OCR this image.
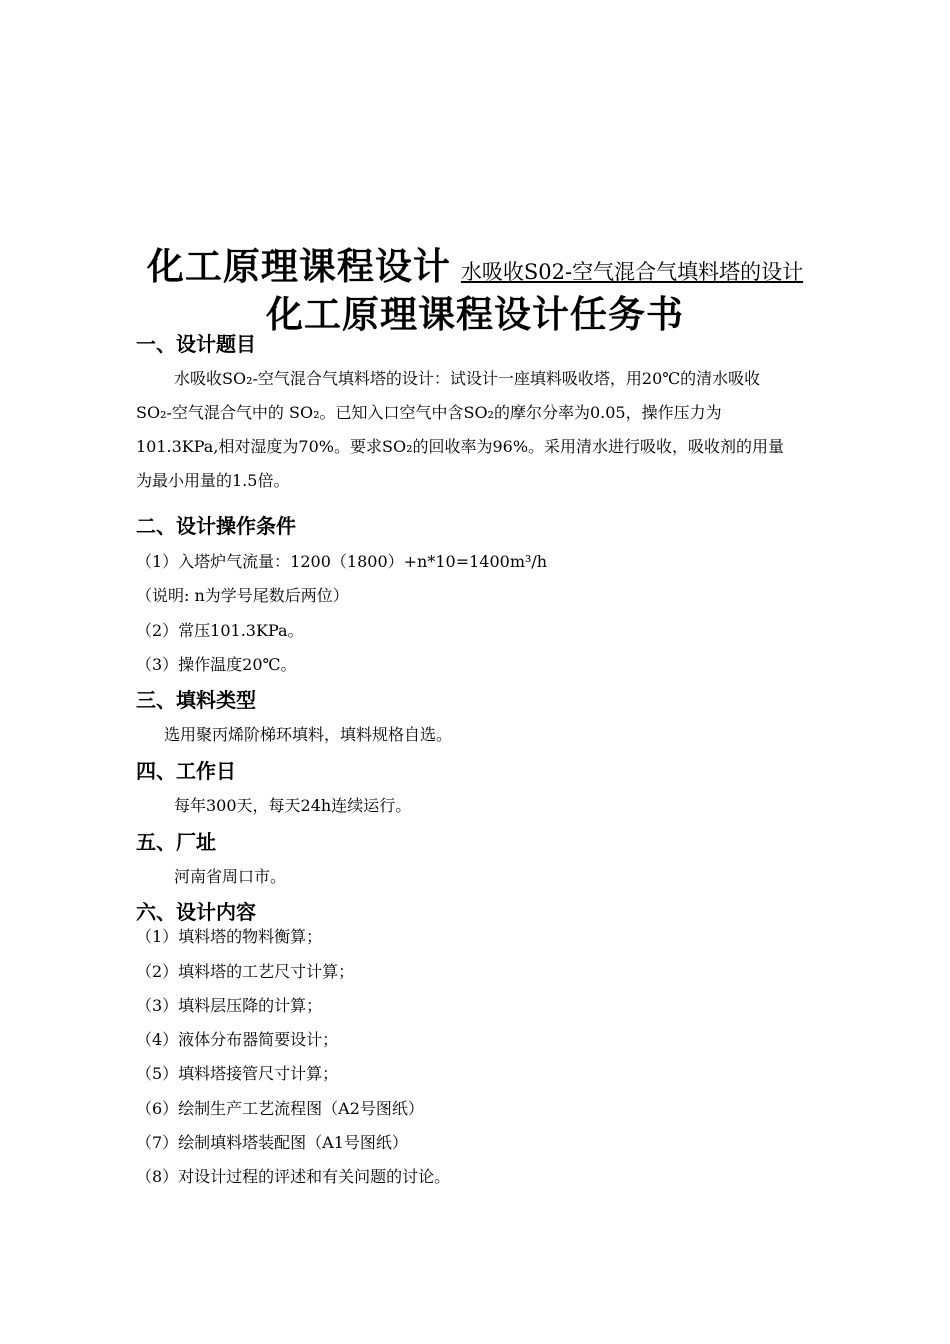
化工原理课程设计 水吸收S02-空气混合气填料塔的设计
化工原理课程设计任务书
一、设计题目
水吸收SO₂-空气混合气填料塔的设计：试设计一座填料吸收塔，用20℃的清水吸收
SO₂-空气混合气中的 SO₂。已知入口空气中含SO₂的摩尔分率为0.05，操作压力为
101.3KPa,相对湿度为70%。要求SO₂的回收率为96%。采用清水进行吸收，吸收剂的用量
为最小用量的1.5倍。
二、设计操作条件
（1）入塔炉气流量：1200（1800）+n*10=1400m³/h
（说明: n为学号尾数后两位）
（2）常压101.3KPa。
（3）操作温度20℃。
三、填料类型
选用聚丙烯阶梯环填料，填料规格自选。
四、工作日
每年300天，每天24h连续运行。
五、厂址
河南省周口市。
六、设计内容
（1）填料塔的物料衡算；
（2）填料塔的工艺尺寸计算；
（3）填料层压降的计算；
（4）液体分布器简要设计；
（5）填料塔接管尺寸计算；
（6）绘制生产工艺流程图（A2号图纸）
（7）绘制填料塔装配图（A1号图纸）
（8）对设计过程的评述和有关问题的讨论。
